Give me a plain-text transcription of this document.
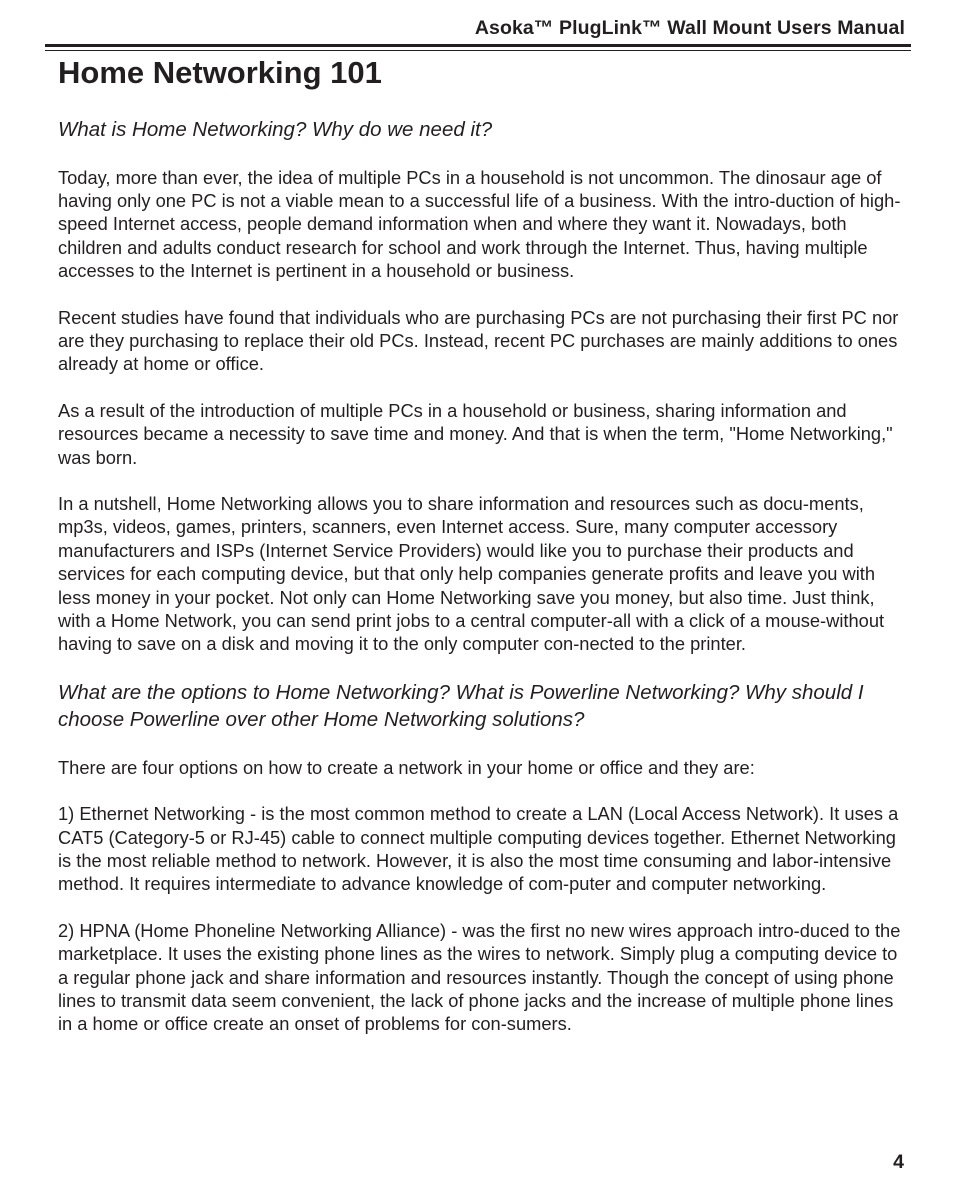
Asoka™ PlugLink™ Wall Mount Users Manual
Home Networking 101
What is Home Networking? Why do we need it?

Today, more than ever, the idea of multiple PCs in a household is not uncommon. The dinosaur age of having only one PC is not a viable mean to a successful life of a business. With the intro-duction of high-speed Internet access, people demand information when and where they want it. Nowadays, both children and adults conduct research for school and work through the Internet. Thus, having multiple accesses to the Internet is pertinent in a household or business.

Recent studies have found that individuals who are purchasing PCs are not purchasing their first PC nor are they purchasing to replace their old PCs. Instead, recent PC purchases are mainly additions to ones already at home or office.

As a result of the introduction of multiple PCs in a household or business, sharing information and resources became a necessity to save time and money. And that is when the term, "Home Networking," was born.

In a nutshell, Home Networking allows you to share information and resources such as docu-ments, mp3s, videos, games, printers, scanners, even Internet access. Sure, many computer accessory manufacturers and ISPs (Internet Service Providers) would like you to purchase their products and services for each computing device, but that only help companies generate profits and leave you with less money in your pocket. Not only can Home Networking save you money, but also time. Just think, with a Home Network, you can send print jobs to a central computer-all with a click of a mouse-without having to save on a disk and moving it to the only computer con-nected to the printer.

What are the options to Home Networking? What is Powerline Networking? Why should I choose Powerline over other Home Networking solutions?

There are four options on how to create a network in your home or office and they are:

1) Ethernet Networking - is the most common method to create a LAN (Local Access Network). It uses a CAT5 (Category-5 or RJ-45) cable to connect multiple computing devices together. Ethernet Networking is the most reliable method to network. However, it is also the most time consuming and labor-intensive method. It requires intermediate to advance knowledge of com-puter and computer networking.

2) HPNA (Home Phoneline Networking Alliance) - was the first no new wires approach intro-duced to the marketplace. It uses the existing phone lines as the wires to network. Simply plug a computing device to a regular phone jack and share information and resources instantly. Though the concept of using phone lines to transmit data seem convenient, the lack of phone jacks and the increase of multiple phone lines in a home or office create an onset of problems for con-sumers.

4
